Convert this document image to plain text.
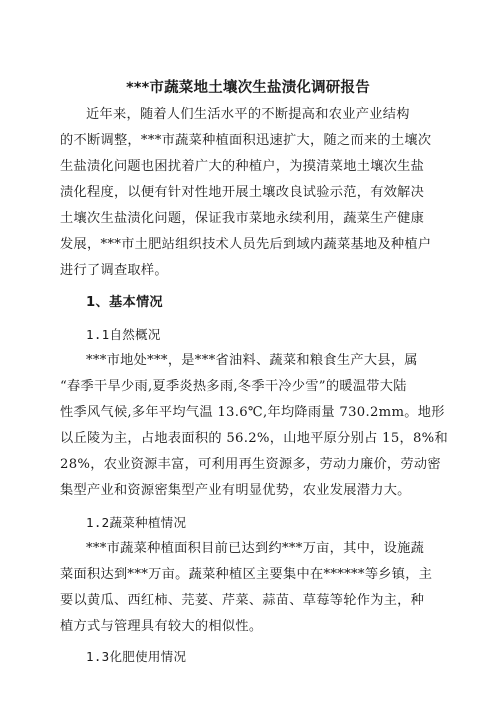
***市蔬菜地土壤次生盐渍化调研报告
近年来，随着人们生活水平的不断提高和农业产业结构
的不断调整，***市蔬菜种植面积迅速扩大，随之而来的土壤次
生盐渍化问题也困扰着广大的种植户，为摸清菜地土壤次生盐
渍化程度，以便有针对性地开展土壤改良试验示范，有效解决
土壤次生盐渍化问题，保证我市菜地永续利用，蔬菜生产健康
发展，***市土肥站组织技术人员先后到域内蔬菜基地及种植户
进行了调查取样。
1、基本情况
1.1自然概况
***市地处***，是***省油料、蔬菜和粮食生产大县，属
“春季干旱少雨,夏季炎热多雨,冬季干冷少雪”的暖温带大陆
性季风气候,多年平均气温 13.6℃,年均降雨量 730.2mm。地形
以丘陵为主，占地表面积的 56.2%，山地平原分别占 15，8%和
28%，农业资源丰富，可利用再生资源多，劳动力廉价，劳动密
集型产业和资源密集型产业有明显优势，农业发展潜力大。
1.2蔬菜种植情况
***市蔬菜种植面积目前已达到约***万亩，其中，设施蔬
菜面积达到***万亩。蔬菜种植区主要集中在******等乡镇，主
要以黄瓜、西红柿、芫荽、芹菜、蒜苗、草莓等轮作为主，种
植方式与管理具有较大的相似性。
1.3化肥使用情况
